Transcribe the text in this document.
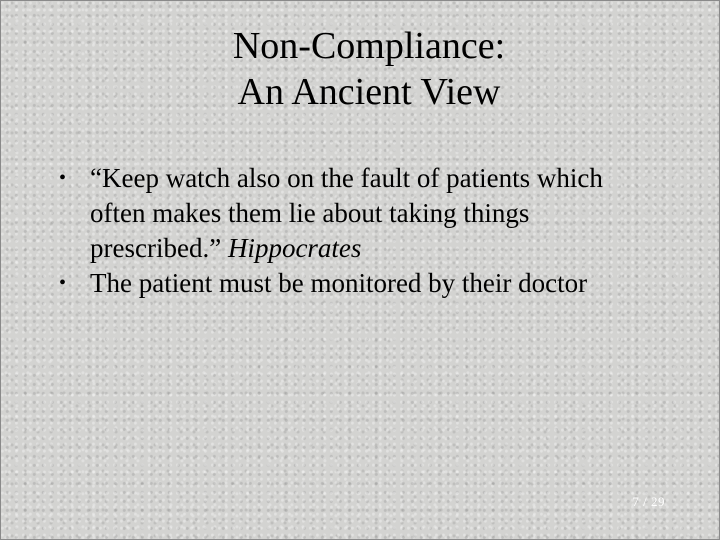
Non-Compliance:
An Ancient View
• “Keep watch also on the fault of patients which often makes them lie about taking things prescribed.” Hippocrates
• The patient must be monitored by their doctor
7 / 29
